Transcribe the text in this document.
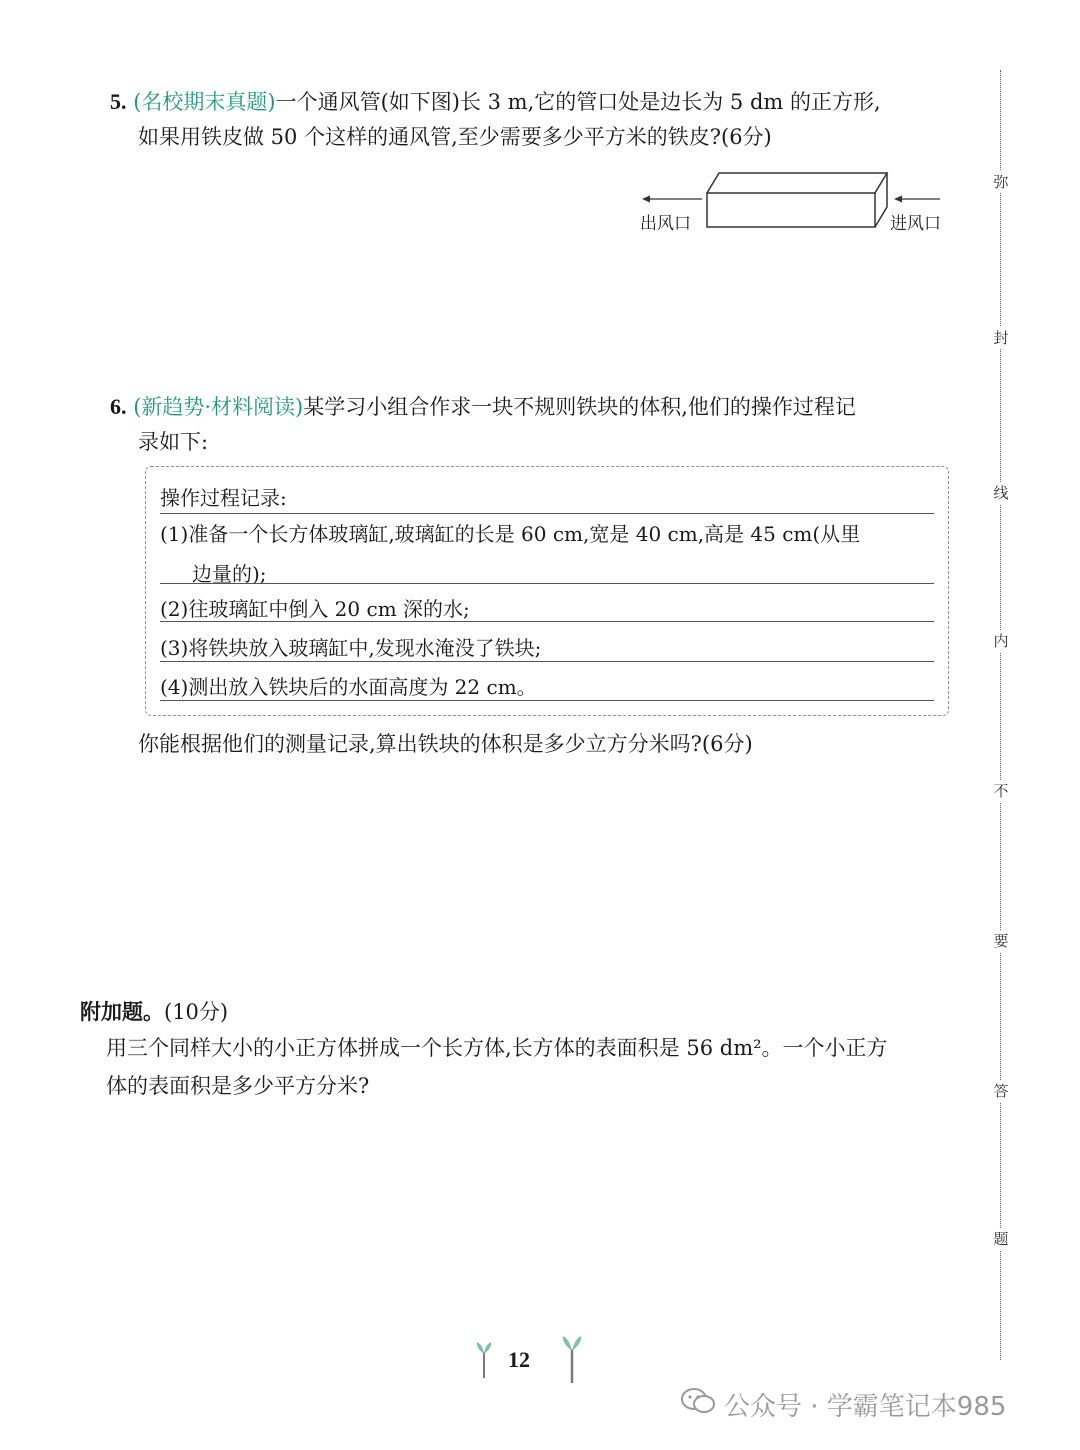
5. (名校期末真题)一个通风管(如下图)长 3 m,它的管口处是边长为 5 dm 的正方形,
如果用铁皮做 50 个这样的通风管,至少需要多少平方米的铁皮?(6分)
出风口	进风口
6. (新趋势·材料阅读)某学习小组合作求一块不规则铁块的体积,他们的操作过程记
录如下:
操作过程记录:
(1)准备一个长方体玻璃缸,玻璃缸的长是 60 cm,宽是 40 cm,高是 45 cm(从里
边量的);
(2)往玻璃缸中倒入 20 cm 深的水;
(3)将铁块放入玻璃缸中,发现水淹没了铁块;
(4)测出放入铁块后的水面高度为 22 cm。
你能根据他们的测量记录,算出铁块的体积是多少立方分米吗?(6分)
附加题。(10分)
用三个同样大小的小正方体拼成一个长方体,长方体的表面积是 56 dm²。一个小正方
体的表面积是多少平方分米?
弥
封
线
内
不
要
答
题
12
公众号 · 学霸笔记本985
